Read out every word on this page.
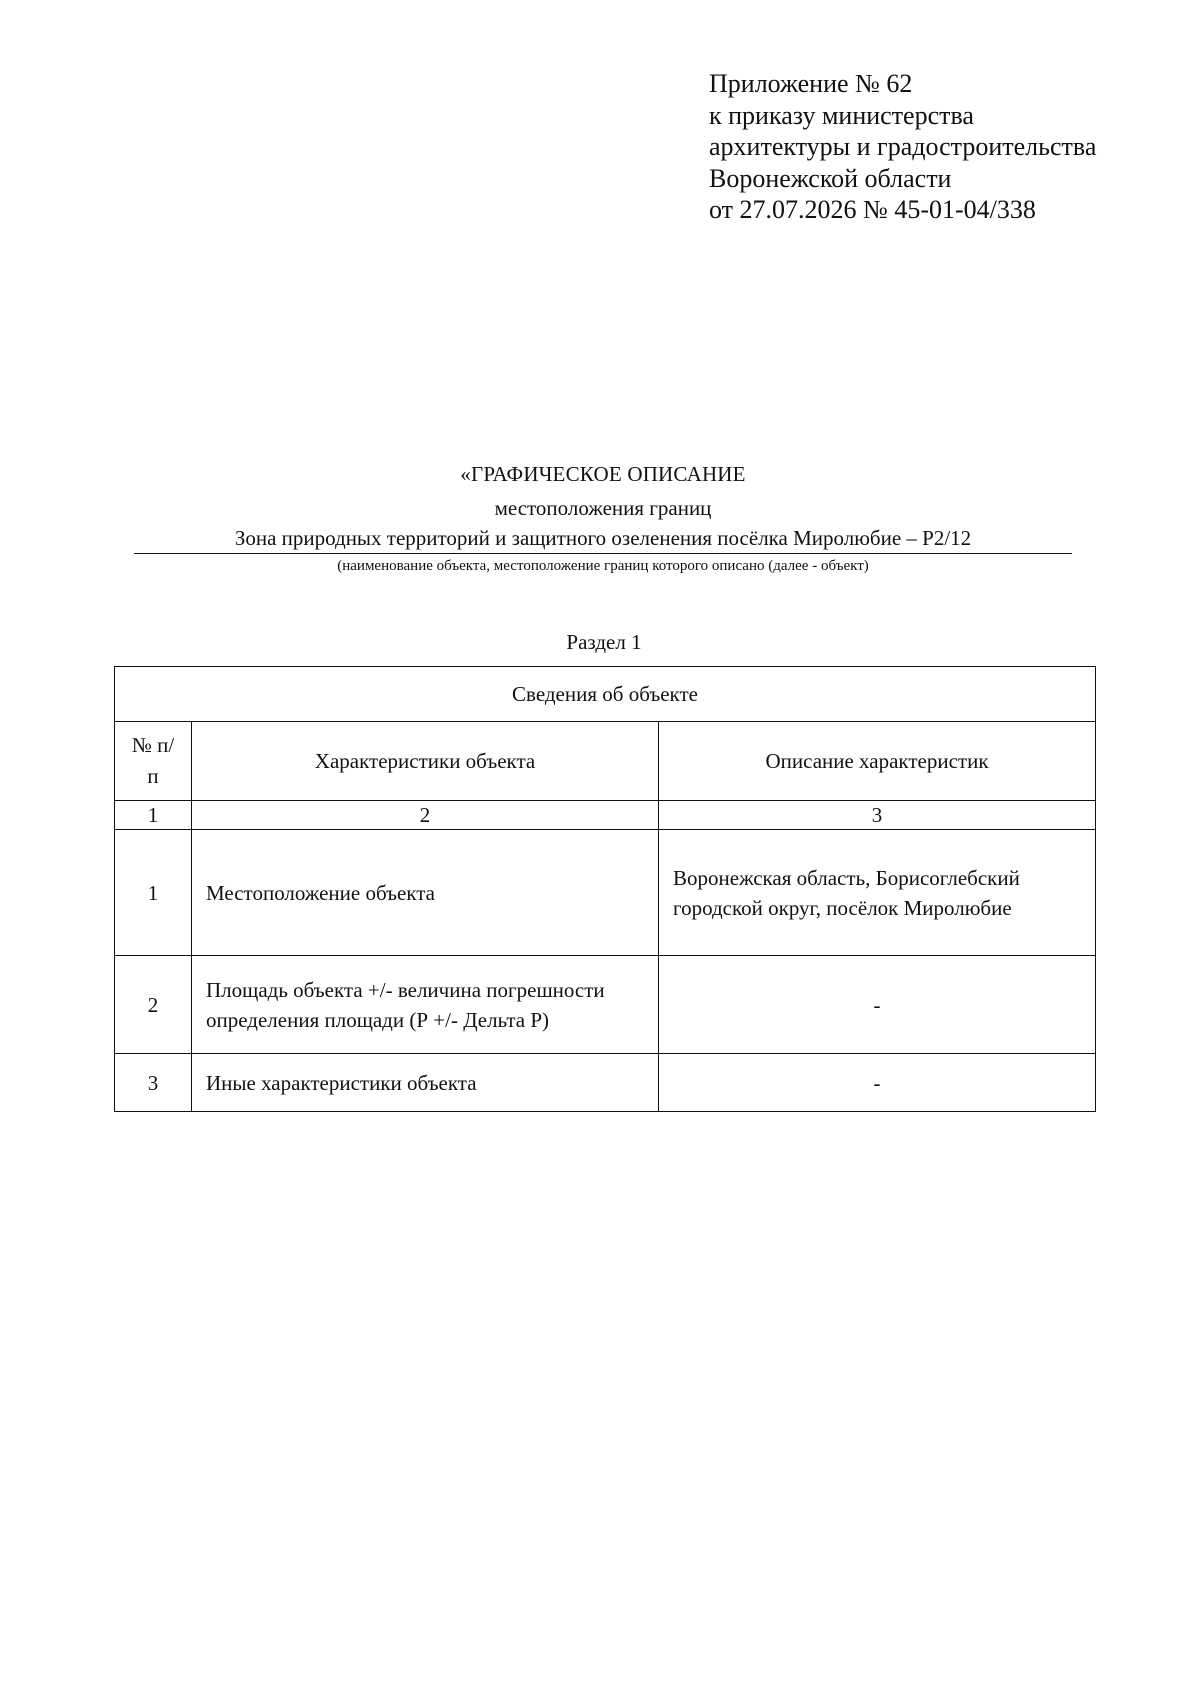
Приложение № 62
к приказу министерства
архитектуры и градостроительства
Воронежской области
от 27.07.2026 № 45-01-04/338
«ГРАФИЧЕСКОЕ ОПИСАНИЕ
местоположения границ
Зона природных территорий и защитного озеленения посёлка Миролюбие – Р2/12
(наименование объекта, местоположение границ которого описано (далее - объект)
Раздел 1
Сведения об объекте		

№ п/п	Характеристики объекта	Описание характеристик
1	2	3
1	Местоположение объекта	Воронежская область, Борисоглебский городской округ, посёлок Миролюбие
2	Площадь объекта +/- величина погрешности определения площади (Р +/- Дельта Р)	-
3	Иные характеристики объекта	-
